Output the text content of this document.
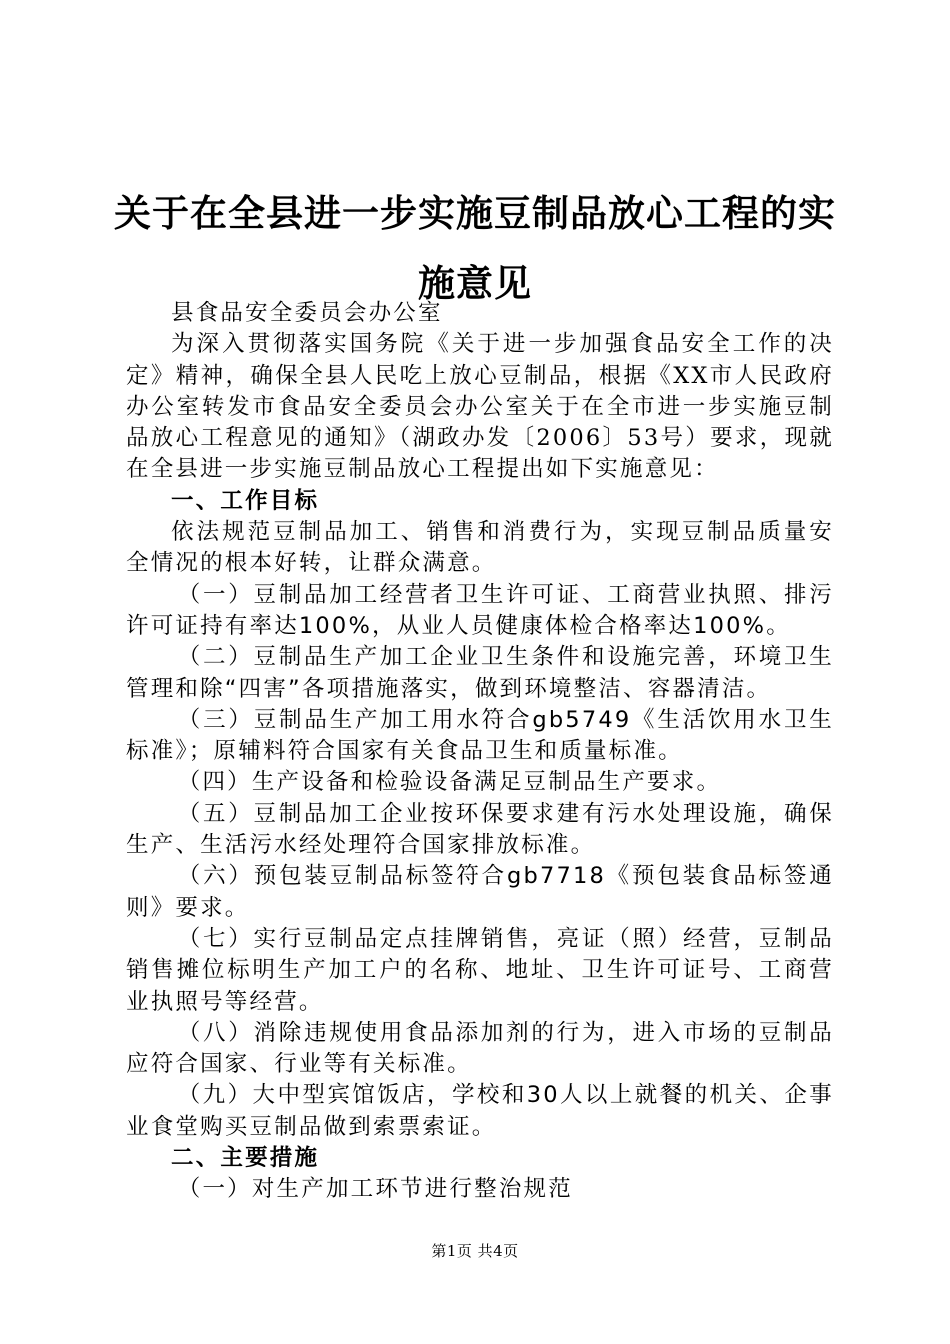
关于在全县进一步实施豆制品放心工程的实施意见

县食品安全委员会办公室

为深入贯彻落实国务院《关于进一步加强食品安全工作的决定》精神，确保全县人民吃上放心豆制品，根据《XX市人民政府办公室转发市食品安全委员会办公室关于在全市进一步实施豆制品放心工程意见的通知》（湖政办发〔2006〕53号）要求，现就在全县进一步实施豆制品放心工程提出如下实施意见：

一、工作目标

依法规范豆制品加工、销售和消费行为，实现豆制品质量安全情况的根本好转，让群众满意。

（一）豆制品加工经营者卫生许可证、工商营业执照、排污许可证持有率达100%，从业人员健康体检合格率达100%。

（二）豆制品生产加工企业卫生条件和设施完善，环境卫生管理和除“四害”各项措施落实，做到环境整洁、容器清洁。

（三）豆制品生产加工用水符合gb5749《生活饮用水卫生标准》；原辅料符合国家有关食品卫生和质量标准。

（四）生产设备和检验设备满足豆制品生产要求。

（五）豆制品加工企业按环保要求建有污水处理设施，确保生产、生活污水经处理符合国家排放标准。

（六）预包装豆制品标签符合gb7718《预包装食品标签通则》要求。

（七）实行豆制品定点挂牌销售，亮证（照）经营，豆制品销售摊位标明生产加工户的名称、地址、卫生许可证号、工商营业执照号等经营。

（八）消除违规使用食品添加剂的行为，进入市场的豆制品应符合国家、行业等有关标准。

（九）大中型宾馆饭店，学校和30人以上就餐的机关、企事业食堂购买豆制品做到索票索证。

二、主要措施

（一）对生产加工环节进行整治规范

第1页 共4页
